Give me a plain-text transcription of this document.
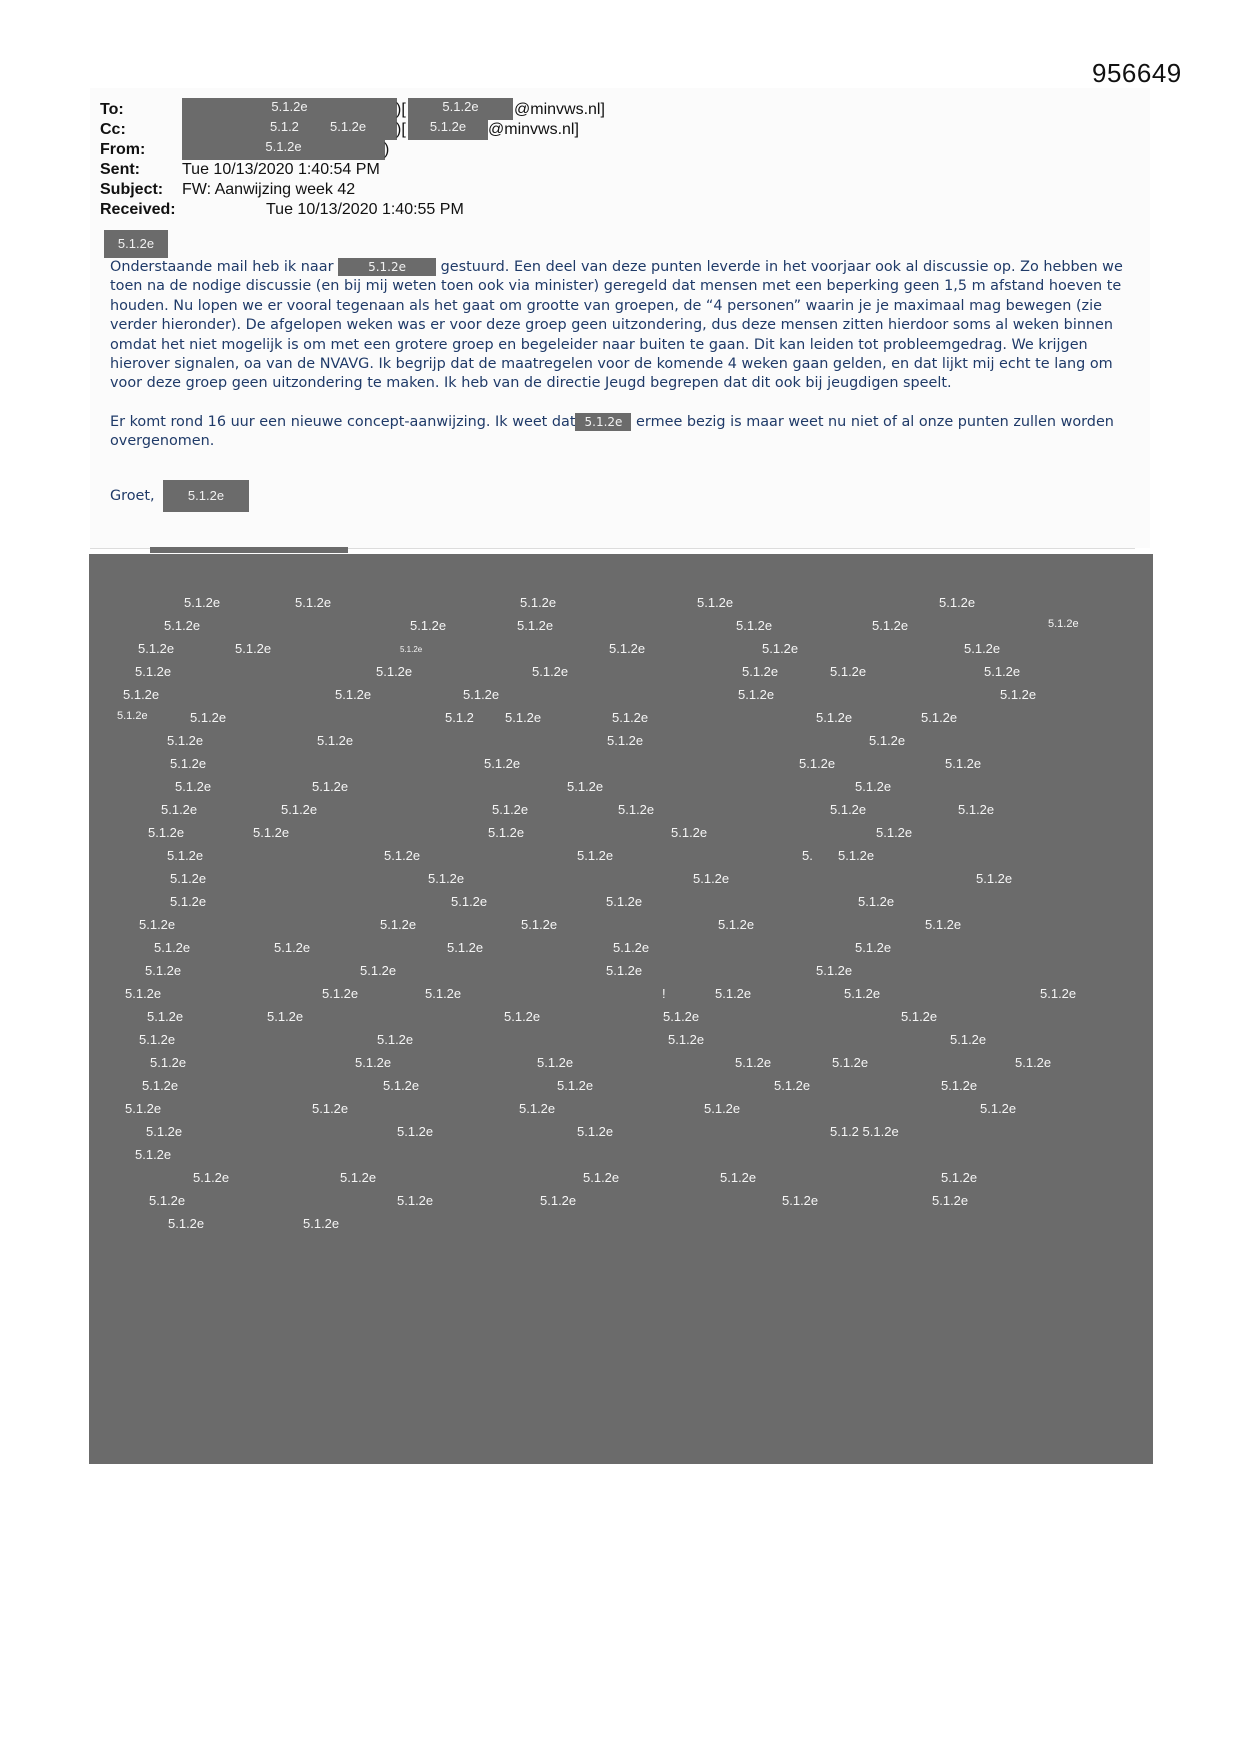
956649
To:	5.1.2e	)[	5.1.2e	@minvws.nl]
Cc:	5.1.2 5.1.2e )[	5.1.2e	@minvws.nl]
From:	5.1.2e	)
Sent:	Tue 10/13/2020 1:40:54 PM
Subject: FW: Aanwijzing week 42
Received:	Tue 10/13/2020 1:40:55 PM
5.1.2e

Onderstaande mail heb ik naar	5.1.2e gestuurd. Een deel van deze punten leverde in het voorjaar ook al discussie op. Zo hebben we toen na de nodige discussie (en bij mij weten toen ook via minister) geregeld dat mensen met een beperking geen 1,5 m afstand hoeven te houden. Nu lopen we er vooral tegenaan als het gaat om grootte van groepen, de “4 personen” waarin je je maximaal mag bewegen (zie verder hieronder). De afgelopen weken was er voor deze groep geen uitzondering, dus deze mensen zitten hierdoor soms al weken binnen omdat het niet mogelijk is om met een grotere groep en begeleider naar buiten te gaan. Dit kan leiden tot probleemgedrag. We krijgen hierover signalen, oa van de NVAVG. Ik begrijp dat de maatregelen voor de komende 4 weken gaan gelden, en dat lijkt mij echt te lang om voor deze groep geen uitzondering te maken. Ik heb van de directie Jeugd begrepen dat dit ook bij jeugdigen speelt.

Er komt rond 16 uur een nieuwe concept-aanwijzing. Ik weet dat 5.1.2e ermee bezig is maar weet nu niet of al onze punten zullen worden overgenomen.

Groet,	5.1.2e
5.1.2e	5.1.2e	5.1.2e	5.1.2e	5.1.2e
5.1.2e	5.1.2e	5.1.2e	5.1.2e	5.1.2e	5.1.2e
5.1.2e	5.1.2e	5.1.2e	5.1.2e	5.1.2e	5.1.2e
5.1.2e	5.1.2e	5.1.2e	5.1.2e	5.1.2e	5.1.2e
5.1.2e	5.1.2e	5.1.2e	5.1.2e	5.1.2e
5.1.2e	5.1.2e	5.1.2 5.1.2e	5.1.2e	5.1.2e	5.1.2e
5.1.2e	5.1.2e	5.1.2e	5.1.2e
5.1.2e	5.1.2e	5.1.2e	5.1.2e
5.1.2e	5.1.2e	5.1.2e	5.1.2e
5.1.2e	5.1.2e	5.1.2e	5.1.2e	5.1.2e	5.1.2e
5.1.2e	5.1.2e	5.1.2e	5.1.2e	5.1.2e
5.1.2e	5.1.2e	5.1.2e	5. 5.1.2e
5.1.2e	5.1.2e	5.1.2e	5.1.2e
5.1.2e	5.1.2e	5.1.2e	5.1.2e
5.1.2e	5.1.2e	5.1.2e	5.1.2e	5.1.2e
5.1.2e	5.1.2e	5.1.2e	5.1.2e	5.1.2e
5.1.2e	5.1.2e	5.1.2e	5.1.2e
5.1.2e	5.1.2e	5.1.2e	!	5.1.2e	5.1.2e	5.1.2e
5.1.2e	5.1.2e	5.1.2e	5.1.2e	5.1.2e
5.1.2e	5.1.2e	5.1.2e	5.1.2e
5.1.2e	5.1.2e	5.1.2e	5.1.2e	5.1.2e	5.1.2e
5.1.2e	5.1.2e	5.1.2e	5.1.2e	5.1.2e
5.1.2e	5.1.2e	5.1.2e	5.1.2e	5.1.2e
5.1.2e	5.1.2e	5.1.2e	5.1.2 5.1.2e
5.1.2e
5.1.2e	5.1.2e	5.1.2e	5.1.2e	5.1.2e
5.1.2e	5.1.2e	5.1.2e	5.1.2e	5.1.2e
5.1.2e	5.1.2e
